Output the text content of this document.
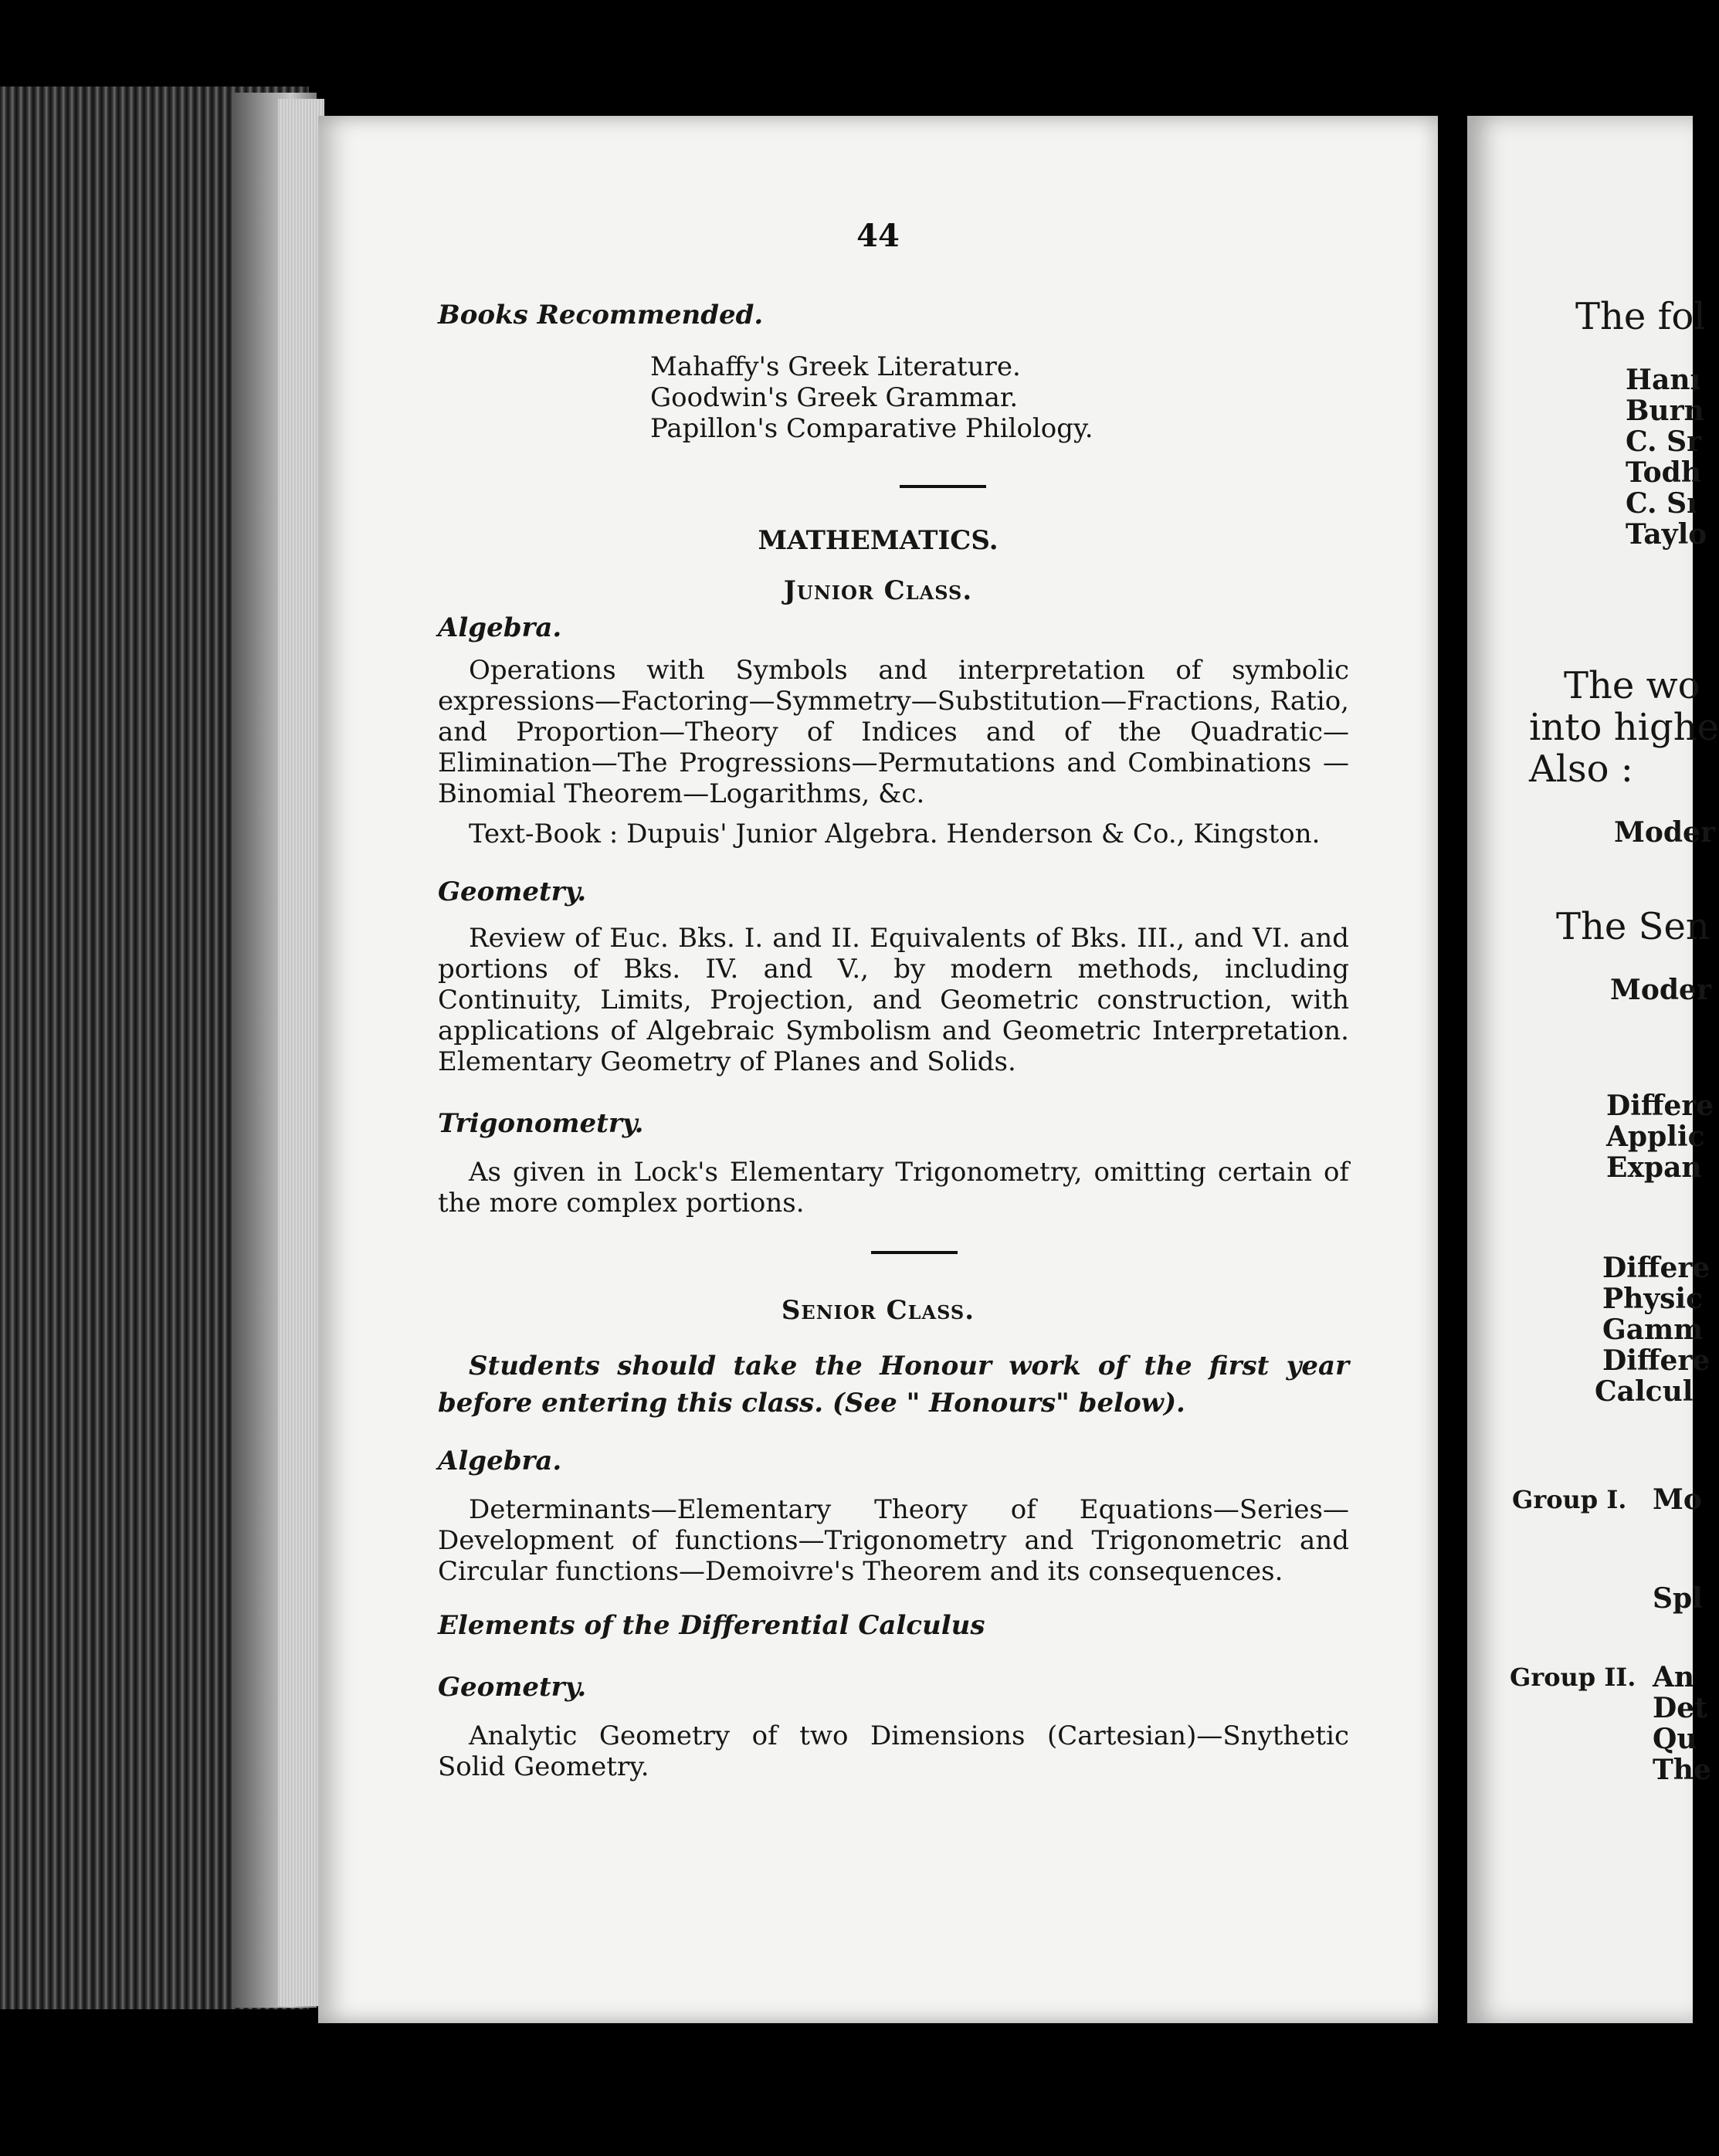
44
Books Recommended.
Mahaffy's Greek Literature.
Goodwin's Greek Grammar.
Papillon's Comparative Philology.
MATHEMATICS.
Junior Class.
Algebra.
Operations with Symbols and interpretation of symbolic expressions—Factoring—Symmetry—Substitution—Fractions, Ratio, and Proportion—Theory of Indices and of the Quadratic—Elimination—The Progressions—Permutations and Combinations — Binomial Theorem—Logarithms, &c.
Text-Book : Dupuis' Junior Algebra. Henderson & Co., Kingston.
Geometry.
Review of Euc. Bks. I. and II. Equivalents of Bks. III., and VI. and portions of Bks. IV. and V., by modern methods, including Continuity, Limits, Projection, and Geometric construction, with applications of Algebraic Symbolism and Geometric Interpretation. Elementary Geometry of Planes and Solids.
Trigonometry.
As given in Lock's Elementary Trigonometry, omitting certain of the more complex portions.
Senior Class.
Students should take the Honour work of the first year before entering this class. (See " Honours" below).
Algebra.
Determinants—Elementary Theory of Equations—Series—Development of functions—Trigonometry and Trigonometric and Circular functions—Demoivre's Theorem and its consequences.
Elements of the Differential Calculus
Geometry.
Analytic Geometry of two Dimensions (Cartesian)—Snythetic Solid Geometry.
The fol
Hanı
Burn
C. Sr
Todh
C. Sı
Taylo
The wo
into highe
Also :
Moder
The Sen
Moder
Differe
Applic
Expan
Differe
Physic
Gamm
Differe
Calcul
Group I. Mo
Spl
Group II. An
Det
Qu
The
